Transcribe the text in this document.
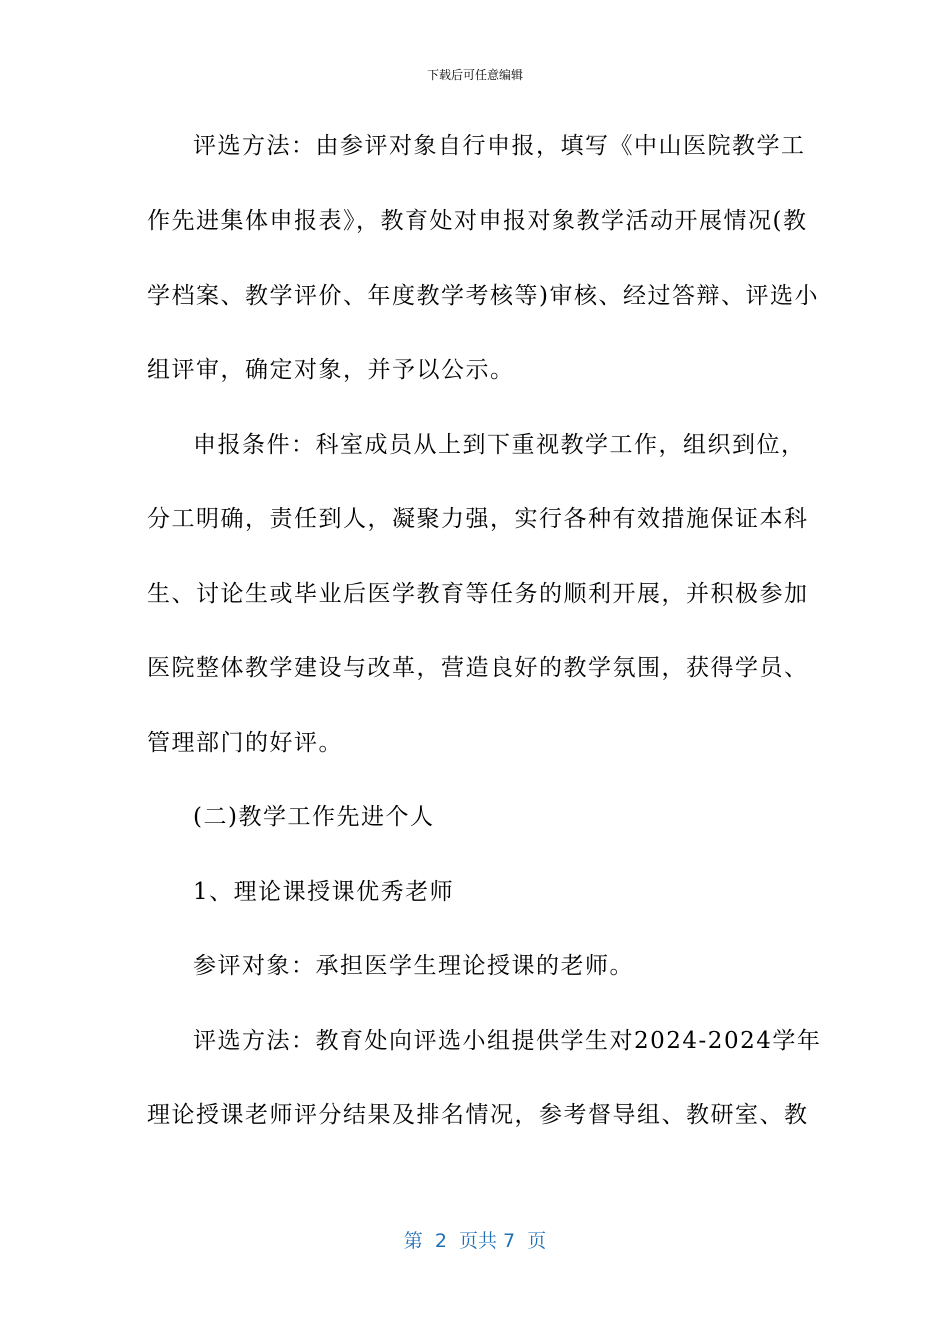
下载后可任意编辑
评选方法：由参评对象自行申报，填写《中山医院教学工
作先进集体申报表》，教育处对申报对象教学活动开展情况(教
学档案、教学评价、年度教学考核等)审核、经过答辩、评选小
组评审，确定对象，并予以公示。
申报条件：科室成员从上到下重视教学工作，组织到位，
分工明确，责任到人，凝聚力强，实行各种有效措施保证本科
生、讨论生或毕业后医学教育等任务的顺利开展，并积极参加
医院整体教学建设与改革，营造良好的教学氛围，获得学员、
管理部门的好评。
(二)教学工作先进个人
1、理论课授课优秀老师
参评对象：承担医学生理论授课的老师。
评选方法：教育处向评选小组提供学生对2024-2024学年
理论授课老师评分结果及排名情况，参考督导组、教研室、教
第  2  页共 7  页
